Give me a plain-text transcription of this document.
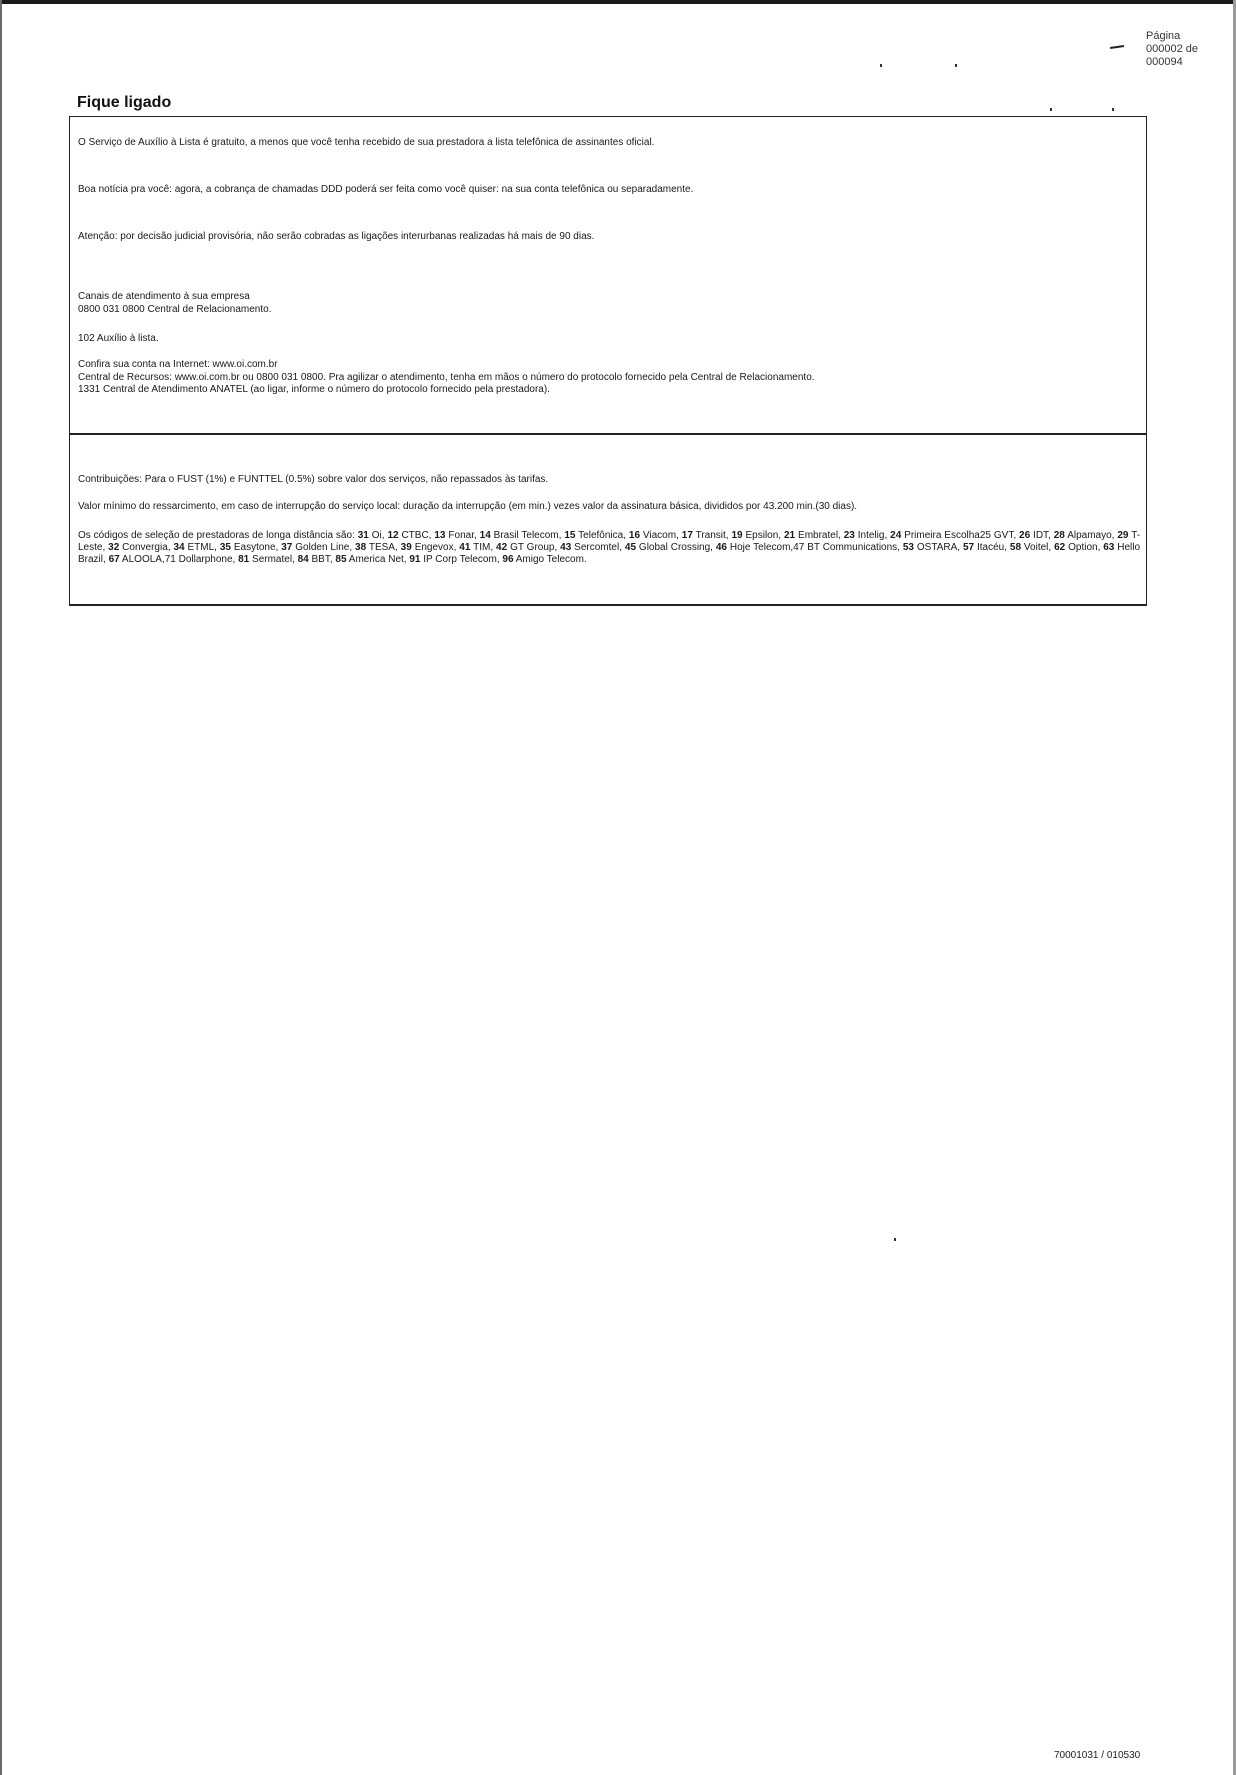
Página
000002 de
000094
Fique ligado
O Serviço de Auxílio à Lista é gratuito, a menos que você tenha recebido de sua prestadora a lista telefônica de assinantes oficial.
Boa notícia pra você: agora, a cobrança de chamadas DDD poderá ser feita como você quiser: na sua conta telefônica ou separadamente.
Atenção: por decisão judicial provisória, não serão cobradas as ligações interurbanas realizadas há mais de 90 dias.
Canais de atendimento à sua empresa
0800 031 0800 Central de Relacionamento.
102 Auxílio à lista.
Confira sua conta na Internet: www.oi.com.br
Central de Recursos: www.oi.com.br ou 0800 031 0800. Pra agilizar o atendimento, tenha em mãos o número do protocolo fornecido pela Central de Relacionamento.
1331 Central de Atendimento ANATEL (ao ligar, informe o número do protocolo fornecido pela prestadora).
Contribuições: Para o FUST (1%) e FUNTTEL (0.5%) sobre valor dos serviços, não repassados às tarifas.
Valor mínimo do ressarcimento, em caso de interrupção do serviço local: duração da interrupção (em min.) vezes valor da assinatura básica, divididos por 43.200 min.(30 dias).
Os códigos de seleção de prestadoras de longa distância são: 31 Oi, 12 CTBC, 13 Fonar, 14 Brasil Telecom, 15 Telefônica, 16 Viacom, 17 Transit, 19 Epsilon, 21 Embratel, 23 Intelig, 24 Primeira Escolha25 GVT, 26 IDT, 28 Alpamayo, 29 T-Leste, 32 Convergia, 34 ETML, 35 Easytone, 37 Golden Line, 38 TESA, 39 Engevox, 41 TIM, 42 GT Group, 43 Sercomtel, 45 Global Crossing, 46 Hoje Telecom,47 BT Communications, 53 OSTARA, 57 Itacéu, 58 Voitel, 62 Option, 63 Hello Brazil, 67 ALOOLA,71 Dollarphone, 81 Sermatel, 84 BBT, 85 America Net, 91 IP Corp Telecom, 96 Amigo Telecom.
70001031 / 010530
